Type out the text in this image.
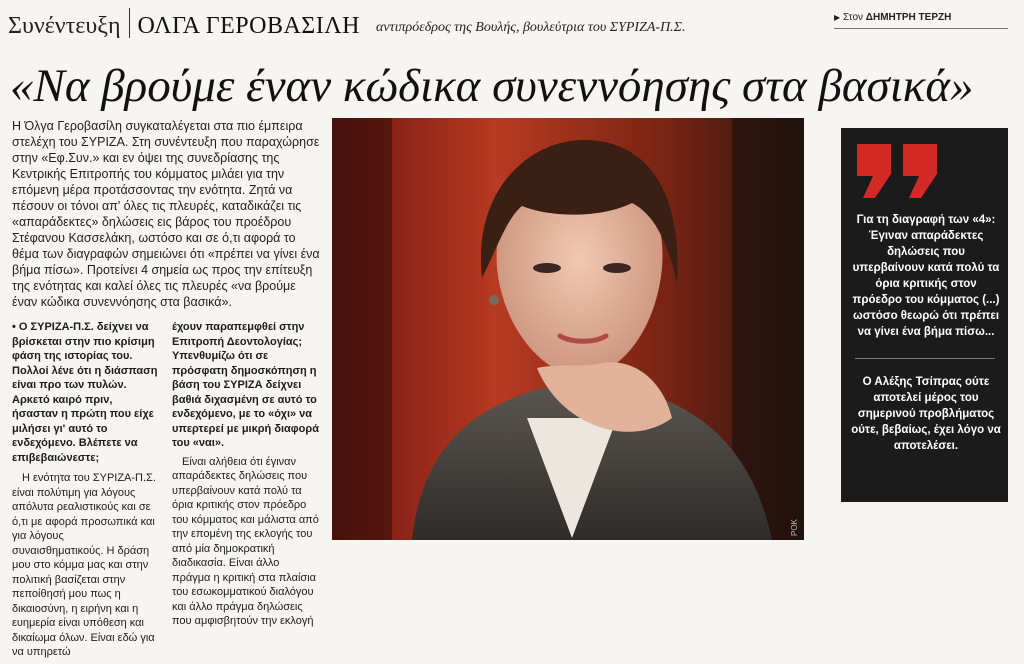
Συνέντευξη ΟΛΓΑ ΓΕΡΟΒΑΣΙΛΗ αντιπρόεδρος της Βουλής, βουλεύτρια του ΣΥΡΙΖΑ-Π.Σ.
▶ Στον ΔΗΜΗΤΡΗ ΤΕΡΖΗ
«Να βρούμε έναν κώδικα συνεννόησης στα βασικά»

Η Όλγα Γεροβασίλη συγκαταλέγεται στα πιο έμπειρα στελέχη του ΣΥΡΙΖΑ. Στη συνέντευξη που παραχώρησε στην «Εφ.Συν.» και εν όψει της συνεδρίασης της Κεντρικής Επιτροπής του κόμματος μιλάει για την επόμενη μέρα προτάσσοντας την ενότητα. Ζητά να πέσουν οι τόνοι απ' όλες τις πλευρές, καταδικάζει τις «απαράδεκτες» δηλώσεις εις βάρος του προέδρου Στέφανου Κασσελάκη, ωστόσο και σε ό,τι αφορά το θέμα των διαγραφών σημειώνει ότι «πρέπει να γίνει ένα βήμα πίσω». Προτείνει 4 σημεία ως προς την επίτευξη της ενότητας και καλεί όλες τις πλευρές «να βρούμε έναν κώδικα συνεννόησης στα βασικά».

• Ο ΣΥΡΙΖΑ-Π.Σ. δείχνει να βρίσκεται στην πιο κρίσιμη φάση της ιστορίας του. Πολλοί λένε ότι η διάσπαση είναι προ των πυλών. Αρκετό καιρό πριν, ήσασταν η πρώτη που είχε μιλήσει γι' αυτό το ενδεχόμενο. Βλέπετε να επιβεβαιώνεστε;

Η ενότητα του ΣΥΡΙΖΑ-Π.Σ. είναι πολύτιμη για λόγους απόλυτα ρεαλιστικούς και σε ό,τι με αφορά προσωπικά και για λόγους συναισθηματικούς. Η δράση μου στο κόμμα μας και στην πολιτική βασίζεται στην πεποίθησή μου πως η δικαιοσύνη, η ειρήνη και η ευημερία είναι υπόθεση και δικαίωμα όλων. Είναι εδώ για να υπηρετώ

έχουν παραπεμφθεί στην Επιτροπή Δεοντολογίας; Υπενθυμίζω ότι σε πρόσφατη δημοσκόπηση η βάση του ΣΥΡΙΖΑ δείχνει βαθιά διχασμένη σε αυτό το ενδεχόμενο, με το «όχι» να υπερτερεί με μικρή διαφορά του «ναι».

Είναι αλήθεια ότι έγιναν απαράδεκτες δηλώσεις που υπερβαίνουν κατά πολύ τα όρια κριτικής στον πρόεδρο του κόμματος και μάλιστα από την επομένη της εκλογής του από μία δημοκρατική διαδικασία. Είναι άλλο πράγμα η κριτική στα πλαίσια του εσωκομματικού διαλόγου και άλλο πράγμα δηλώσεις που αμφισβητούν την εκλογή

ΡΟΚ

Για τη διαγραφή των «4»: Έγιναν απαράδεκτες δηλώσεις που υπερβαίνουν κατά πολύ τα όρια κριτικής στον πρόεδρο του κόμματος (...) ωστόσο θεωρώ ότι πρέπει να γίνει ένα βήμα πίσω...

Ο Αλέξης Τσίπρας ούτε αποτελεί μέρος του σημερινού προβλήματος ούτε, βεβαίως, έχει λόγο να αποτελέσει.
